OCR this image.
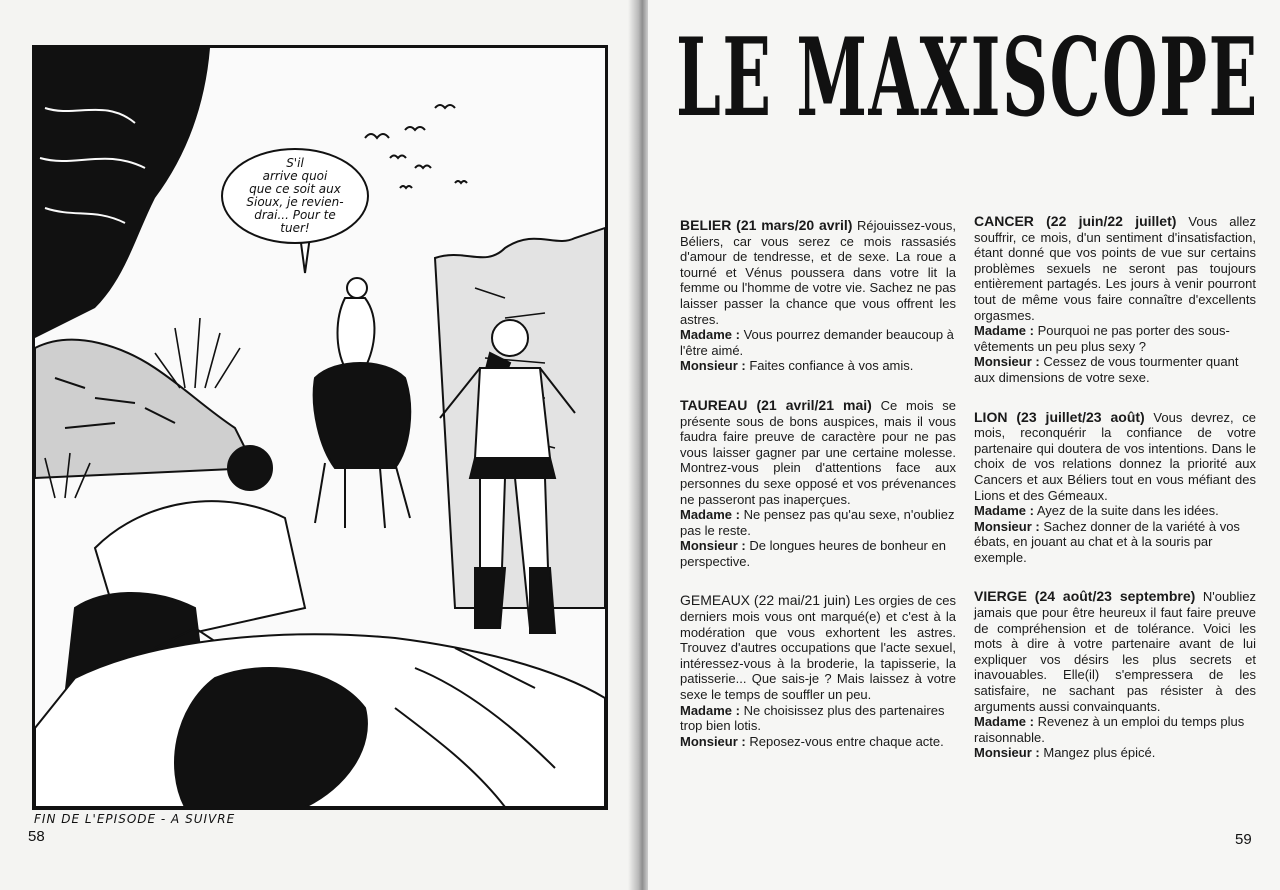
S'il
arrive quoi
que ce soit aux
Sioux, je revien-
drai... Pour te
tuer!
FIN DE L'EPISODE - A SUIVRE
58
LE MAXISCOPE
BELIER (21 mars/20 avril) Réjouissez-vous, Béliers, car vous serez ce mois rassasiés d'amour de tendresse, et de sexe. La roue a tourné et Vénus poussera dans votre lit la femme ou l'homme de votre vie. Sachez ne pas laisser passer la chance que vous offrent les astres.
Madame : Vous pourrez demander beaucoup à l'être aimé.
Monsieur : Faites confiance à vos amis.
TAUREAU (21 avril/21 mai) Ce mois se présente sous de bons auspices, mais il vous faudra faire preuve de caractère pour ne pas vous laisser gagner par une certaine molesse. Montrez-vous plein d'attentions face aux personnes du sexe opposé et vos prévenances ne passeront pas inaperçues.
Madame : Ne pensez pas qu'au sexe, n'oubliez pas le reste.
Monsieur : De longues heures de bonheur en perspective.
GEMEAUX (22 mai/21 juin) Les orgies de ces derniers mois vous ont marqué(e) et c'est à la modération que vous exhortent les astres. Trouvez d'autres occupations que l'acte sexuel, intéressez-vous à la broderie, la tapisserie, la patisserie... Que sais-je ? Mais laissez à votre sexe le temps de souffler un peu.
Madame : Ne choisissez plus des partenaires trop bien lotis.
Monsieur : Reposez-vous entre chaque acte.
CANCER (22 juin/22 juillet) Vous allez souffrir, ce mois, d'un sentiment d'insatisfaction, étant donné que vos points de vue sur certains problèmes sexuels ne seront pas toujours entièrement partagés. Les jours à venir pourront tout de même vous faire connaître d'excellents orgasmes.
Madame : Pourquoi ne pas porter des sous-vêtements un peu plus sexy ?
Monsieur : Cessez de vous tourmenter quant aux dimensions de votre sexe.
LION (23 juillet/23 août) Vous devrez, ce mois, reconquérir la confiance de votre partenaire qui doutera de vos intentions. Dans le choix de vos relations donnez la priorité aux Cancers et aux Béliers tout en vous méfiant des Lions et des Gémeaux.
Madame : Ayez de la suite dans les idées.
Monsieur : Sachez donner de la variété à vos ébats, en jouant au chat et à la souris par exemple.
VIERGE (24 août/23 septembre) N'oubliez jamais que pour être heureux il faut faire preuve de compréhension et de tolérance. Voici les mots à dire à votre partenaire avant de lui expliquer vos désirs les plus secrets et inavouables. Elle(il) s'empressera de les satisfaire, ne sachant pas résister à des arguments aussi convainquants.
Madame : Revenez à un emploi du temps plus raisonnable.
Monsieur : Mangez plus épicé.
59
